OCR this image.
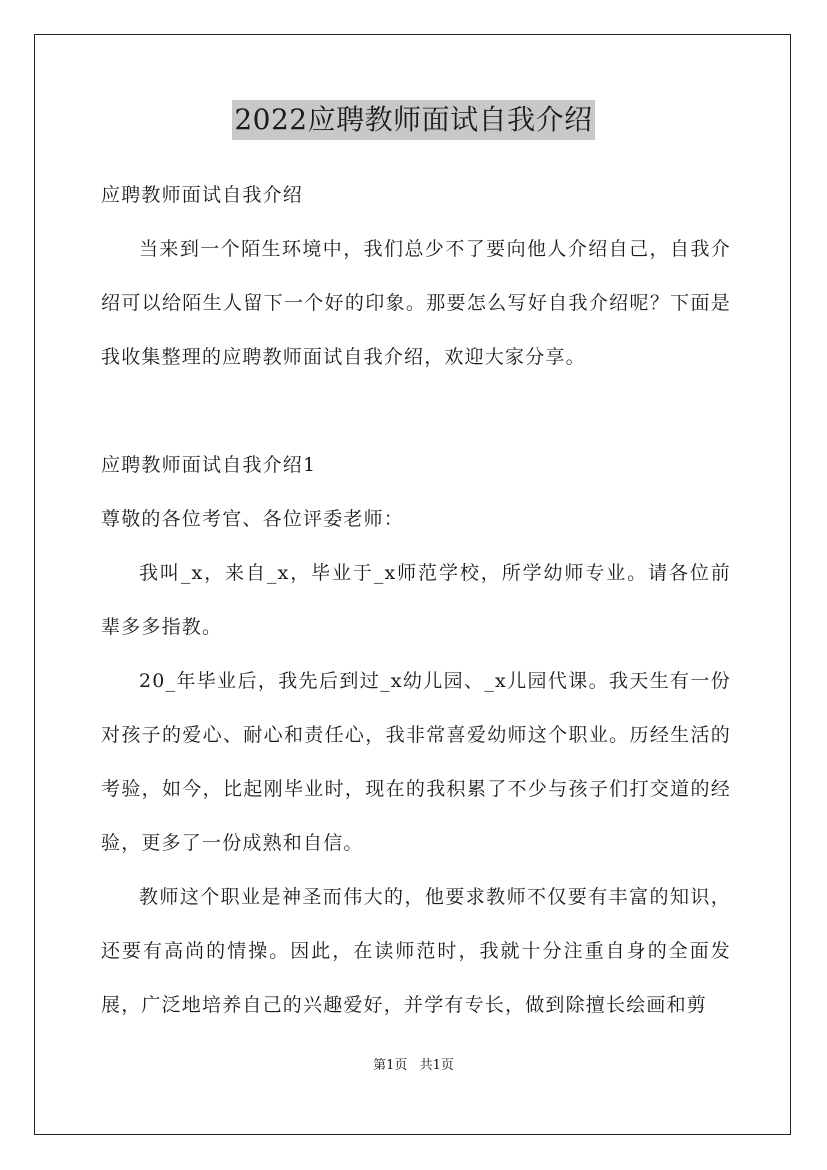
2022应聘教师面试自我介绍

应聘教师面试自我介绍

当来到一个陌生环境中，我们总少不了要向他人介绍自己，自我介绍可以给陌生人留下一个好的印象。那要怎么写好自我介绍呢？下面是我收集整理的应聘教师面试自我介绍，欢迎大家分享。

应聘教师面试自我介绍1

尊敬的各位考官、各位评委老师：

我叫_x，来自_x，毕业于_x师范学校，所学幼师专业。请各位前辈多多指教。

20_年毕业后，我先后到过_x幼儿园、_x儿园代课。我天生有一份对孩子的爱心、耐心和责任心，我非常喜爱幼师这个职业。历经生活的考验，如今，比起刚毕业时，现在的我积累了不少与孩子们打交道的经验，更多了一份成熟和自信。

教师这个职业是神圣而伟大的，他要求教师不仅要有丰富的知识，还要有高尚的情操。因此，在读师范时，我就十分注重自身的全面发展，广泛地培养自己的兴趣爱好，并学有专长，做到除擅长绘画和剪

第1页 共1页
